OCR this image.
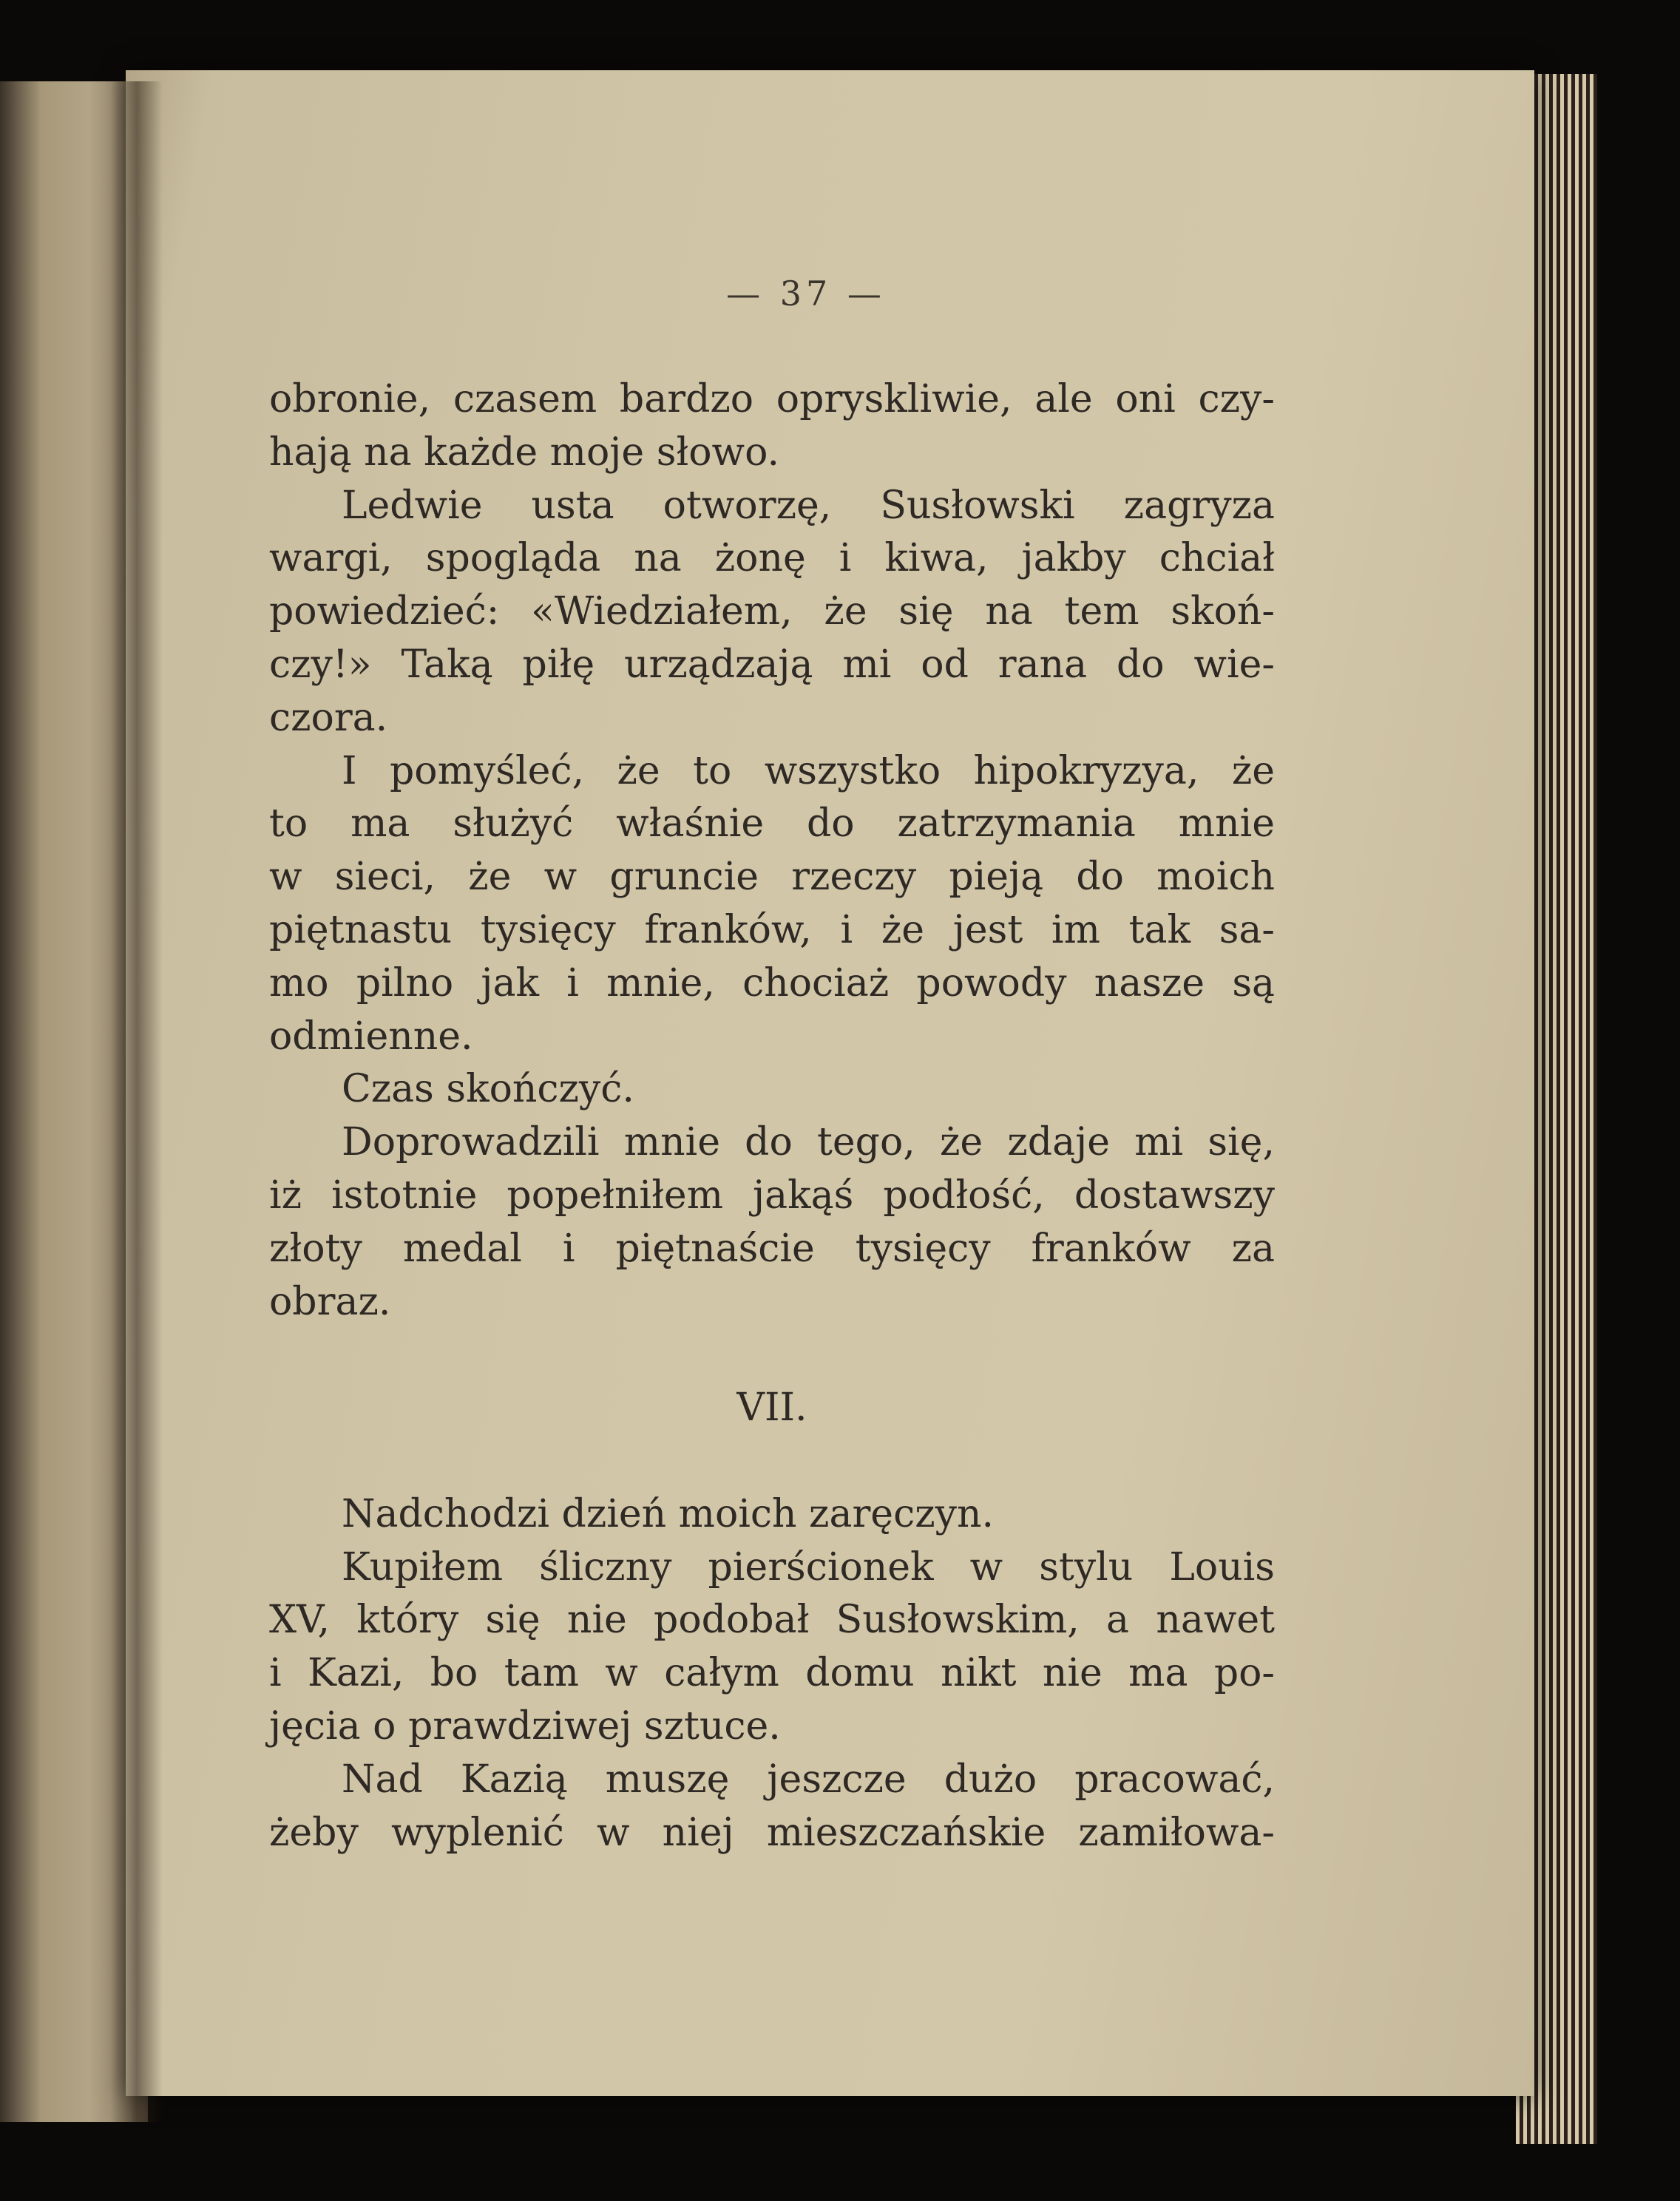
— 37 —
obronie, czasem bardzo opryskliwie, ale oni czy-
hają na każde moje słowo.
Ledwie usta otworzę, Susłowski zagryza
wargi, spogląda na żonę i kiwa, jakby chciał
powiedzieć: «Wiedziałem, że się na tem skoń-
czy!» Taką piłę urządzają mi od rana do wie-
czora.
I pomyśleć, że to wszystko hipokryzya, że
to ma służyć właśnie do zatrzymania mnie
w sieci, że w gruncie rzeczy pieją do moich
piętnastu tysięcy franków, i że jest im tak sa-
mo pilno jak i mnie, chociaż powody nasze są
odmienne.
Czas skończyć.
Doprowadzili mnie do tego, że zdaje mi się,
iż istotnie popełniłem jakąś podłość, dostawszy
złoty medal i piętnaście tysięcy franków za
obraz.
VII.
Nadchodzi dzień moich zaręczyn.
Kupiłem śliczny pierścionek w stylu Louis
XV, który się nie podobał Susłowskim, a nawet
i Kazi, bo tam w całym domu nikt nie ma po-
jęcia o prawdziwej sztuce.
Nad Kazią muszę jeszcze dużo pracować,
żeby wyplenić w niej mieszczańskie zamiłowa-
